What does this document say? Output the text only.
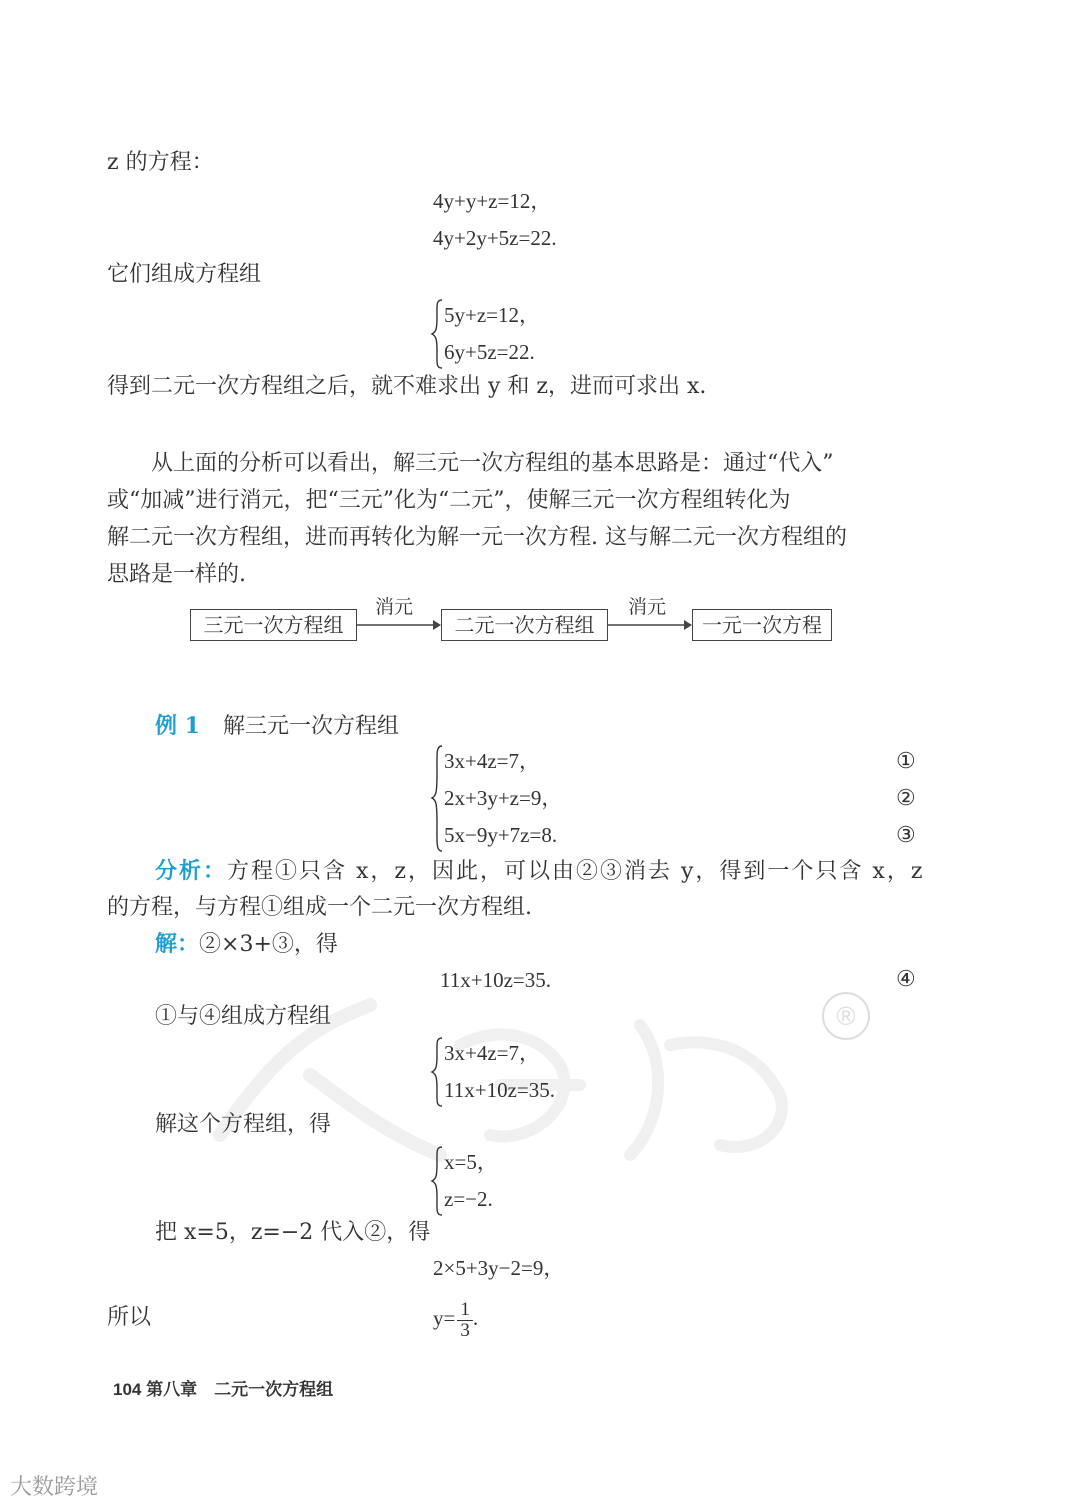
®
z 的方程：
4y+y+z=12，
4y+2y+5z=22.
它们组成方程组
5y+z=12，
6y+5z=22.
得到二元一次方程组之后，就不难求出 y 和 z，进而可求出 x.
　　从上面的分析可以看出，解三元一次方程组的基本思路是：通过“代入”
或“加减”进行消元，把“三元”化为“二元”，使解三元一次方程组转化为
解二元一次方程组，进而再转化为解一元一次方程. 这与解二元一次方程组的
思路是一样的.
三元一次方程组
消元
二元一次方程组
消元
一元一次方程
例 1 解三元一次方程组
3x+4z=7，
2x+3y+z=9，
5x−9y+7z=8.
①
②
③
分析：方程①只含 x，z，因此，可以由②③消去 y，得到一个只含 x，z
的方程，与方程①组成一个二元一次方程组.
解：②×3+③，得
11x+10z=35.	④
①与④组成方程组
3x+4z=7，
11x+10z=35.
解这个方程组，得
x=5，
z=−2.
把 x=5，z=−2 代入②，得
2×5+3y−2=9，
所以	$y= \frac{1}{3}$ .
104 第八章　二元一次方程组
大数跨境
